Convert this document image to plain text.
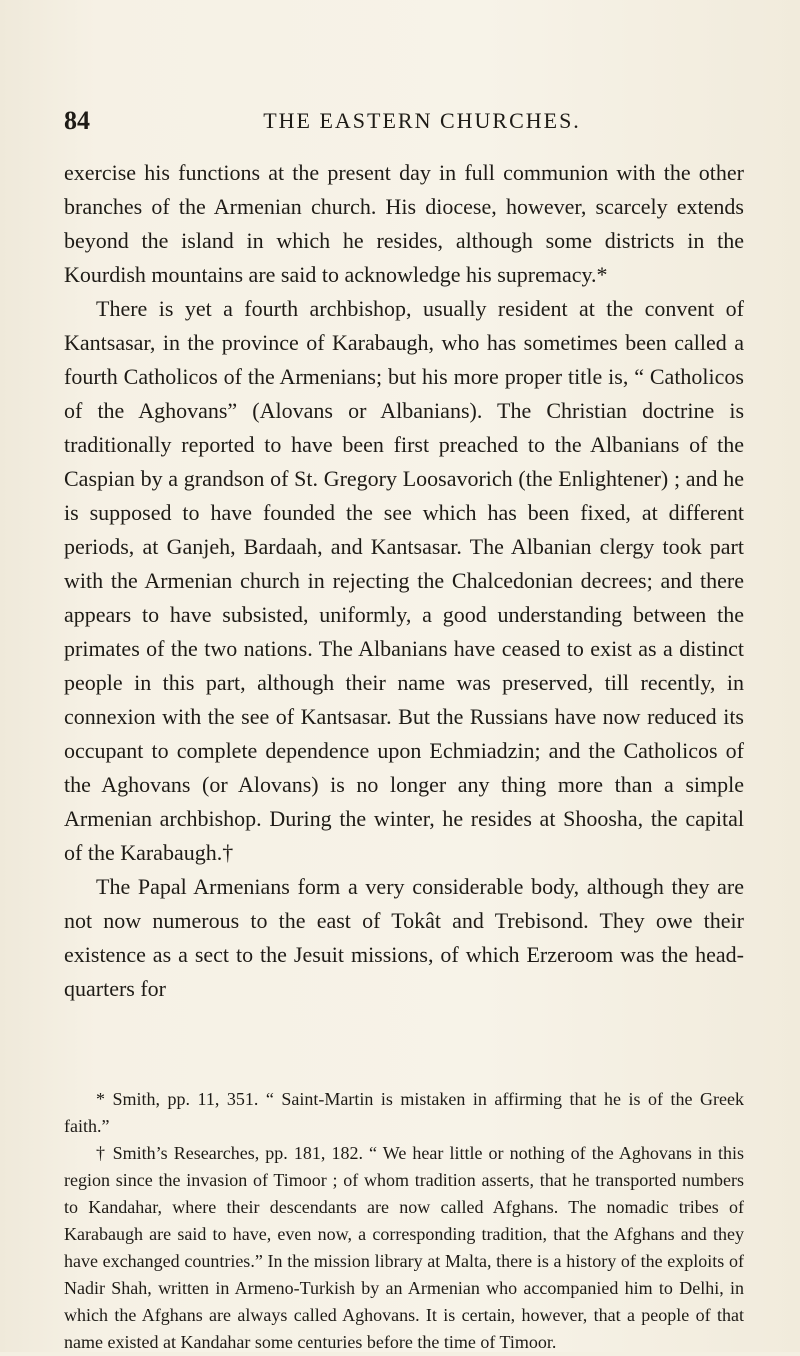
84	THE EASTERN CHURCHES.

exercise his functions at the present day in full communion with the other branches of the Armenian church. His diocese, however, scarcely extends beyond the island in which he resides, although some districts in the Kourdish mountains are said to acknowledge his supremacy.*

There is yet a fourth archbishop, usually resident at the convent of Kantsasar, in the province of Karabaugh, who has sometimes been called a fourth Catholicos of the Armenians; but his more proper title is, “ Catholicos of the Aghovans” (Alovans or Albanians). The Christian doctrine is traditionally reported to have been first preached to the Albanians of the Caspian by a grandson of St. Gregory Loosavorich (the Enlightener) ; and he is supposed to have founded the see which has been fixed, at different periods, at Ganjeh, Bardaah, and Kantsasar. The Albanian clergy took part with the Armenian church in rejecting the Chalcedonian decrees; and there appears to have subsisted, uniformly, a good understanding between the primates of the two nations. The Albanians have ceased to exist as a distinct people in this part, although their name was preserved, till recently, in connexion with the see of Kantsasar. But the Russians have now reduced its occupant to complete dependence upon Echmiadzin; and the Catholicos of the Aghovans (or Alovans) is no longer any thing more than a simple Armenian archbishop. During the winter, he resides at Shoosha, the capital of the Karabaugh.†

The Papal Armenians form a very considerable body, although they are not now numerous to the east of Tokât and Trebisond. They owe their existence as a sect to the Jesuit missions, of which Erzeroom was the head-quarters for

* Smith, pp. 11, 351. “ Saint-Martin is mistaken in affirming that he is of the Greek faith.”

† Smith’s Researches, pp. 181, 182. “ We hear little or nothing of the Aghovans in this region since the invasion of Timoor ; of whom tradition asserts, that he transported numbers to Kandahar, where their descendants are now called Afghans. The nomadic tribes of Karabaugh are said to have, even now, a corresponding tradition, that the Afghans and they have exchanged countries.” In the mission library at Malta, there is a history of the exploits of Nadir Shah, written in Armeno-Turkish by an Armenian who accompanied him to Delhi, in which the Afghans are always called Aghovans. It is certain, however, that a people of that name existed at Kandahar some centuries before the time of Timoor.
